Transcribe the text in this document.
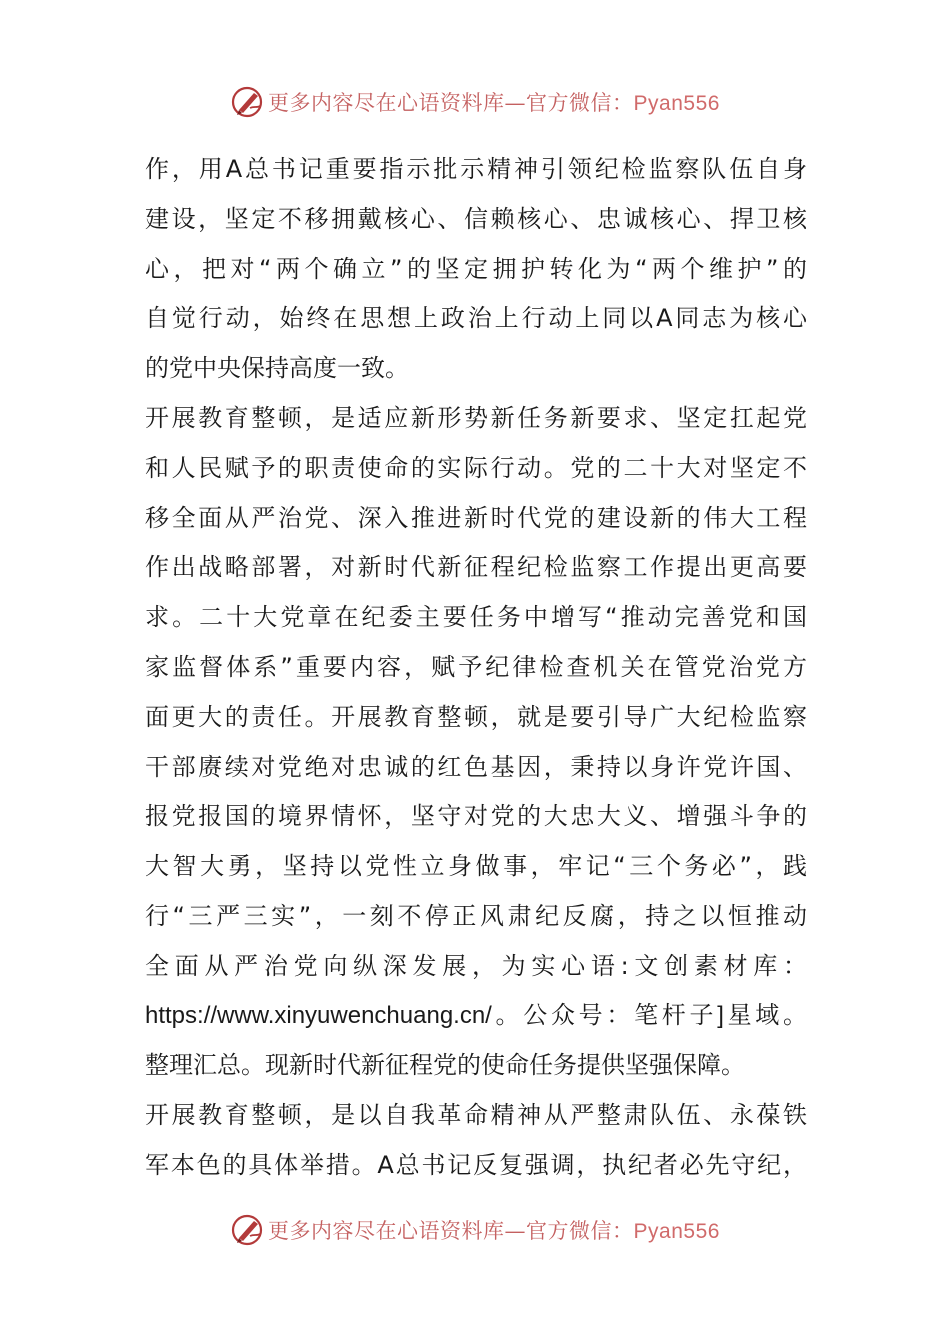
更多内容尽在心语资料库—官方微信：Pyan556
作，用A总书记重要指示批示精神引领纪检监察队伍自身
建设，坚定不移拥戴核心、信赖核心、忠诚核心、捍卫核
心，把对“两个确立”的坚定拥护转化为“两个维护”的
自觉行动，始终在思想上政治上行动上同以A同志为核心
的党中央保持高度一致。
开展教育整顿，是适应新形势新任务新要求、坚定扛起党
和人民赋予的职责使命的实际行动。党的二十大对坚定不
移全面从严治党、深入推进新时代党的建设新的伟大工程
作出战略部署，对新时代新征程纪检监察工作提出更高要
求。二十大党章在纪委主要任务中增写“推动完善党和国
家监督体系”重要内容，赋予纪律检查机关在管党治党方
面更大的责任。开展教育整顿，就是要引导广大纪检监察
干部赓续对党绝对忠诚的红色基因，秉持以身许党许国、
报党报国的境界情怀，坚守对党的大忠大义、增强斗争的
大智大勇，坚持以党性立身做事，牢记“三个务必”，践
行“三严三实”，一刻不停正风肃纪反腐，持之以恒推动
全面从严治党向纵深发展，为实心语:文创素材库：
https://www.xinyuwenchuang.cn/。公众号：笔杆子]星域。
整理汇总。现新时代新征程党的使命任务提供坚强保障。
开展教育整顿，是以自我革命精神从严整肃队伍、永葆铁
军本色的具体举措。A总书记反复强调，执纪者必先守纪，
更多内容尽在心语资料库—官方微信：Pyan556
